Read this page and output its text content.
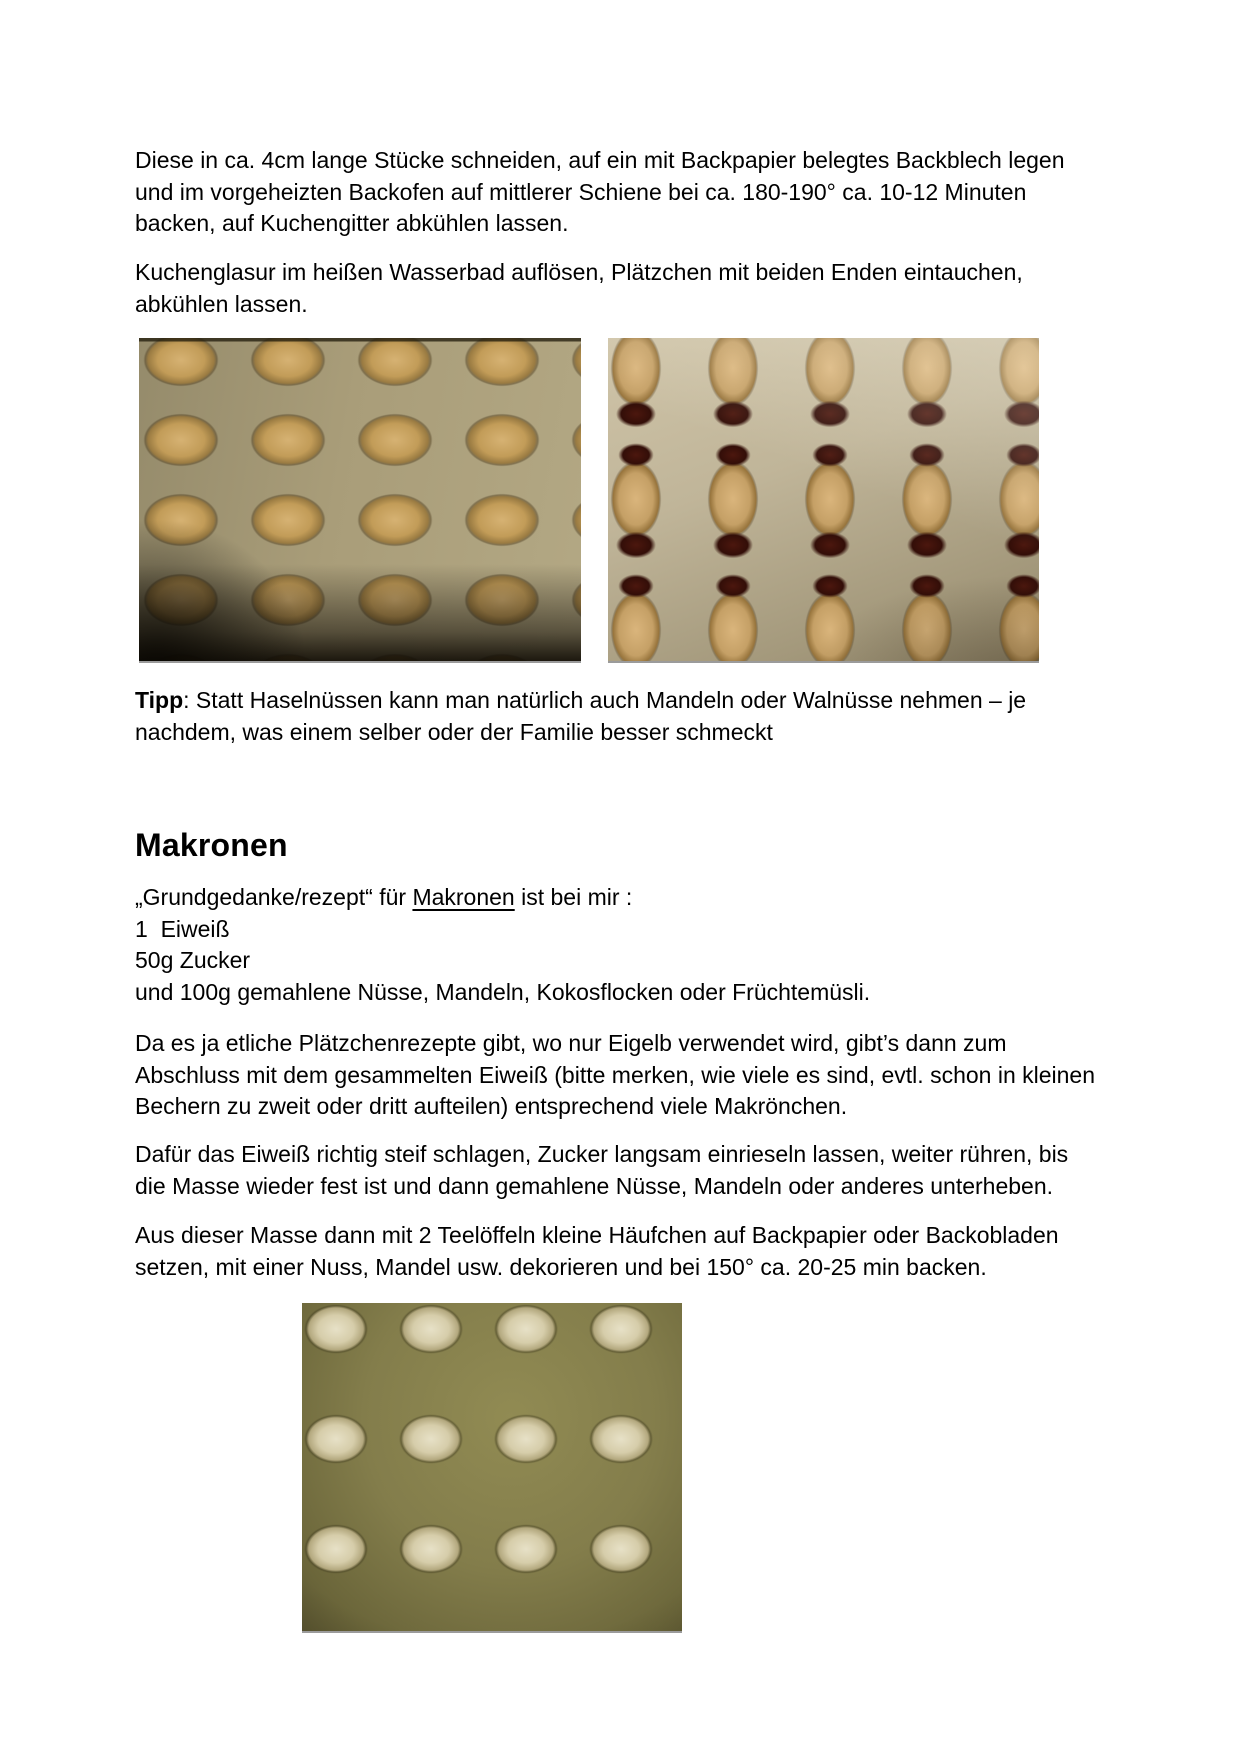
Diese in ca. 4cm lange Stücke schneiden, auf ein mit Backpapier belegtes Backblech legen und im vorgeheizten Backofen auf mittlerer Schiene bei ca. 180-190° ca. 10-12 Minuten backen, auf Kuchengitter abkühlen lassen.

Kuchenglasur im heißen Wasserbad auflösen, Plätzchen mit beiden Enden eintauchen, abkühlen lassen.

Tipp: Statt Haselnüssen kann man natürlich auch Mandeln oder Walnüsse nehmen – je nachdem, was einem selber oder der Familie besser schmeckt

Makronen
„Grundgedanke/rezept“ für Makronen ist bei mir :
1  Eiweiß
50g Zucker
und 100g gemahlene Nüsse, Mandeln, Kokosflocken oder Früchtemüsli.

Da es ja etliche Plätzchenrezepte gibt, wo nur Eigelb verwendet wird, gibt’s dann zum Abschluss mit dem gesammelten Eiweiß (bitte merken, wie viele es sind, evtl. schon in kleinen Bechern zu zweit oder dritt aufteilen) entsprechend viele Makrönchen.

Dafür das Eiweiß richtig steif schlagen, Zucker langsam einrieseln lassen, weiter rühren, bis die Masse wieder fest ist und dann gemahlene Nüsse, Mandeln oder anderes unterheben.

Aus dieser Masse dann mit 2 Teelöffeln kleine Häufchen auf Backpapier oder Backobladen setzen, mit einer Nuss, Mandel usw. dekorieren und bei 150° ca. 20-25 min backen.
